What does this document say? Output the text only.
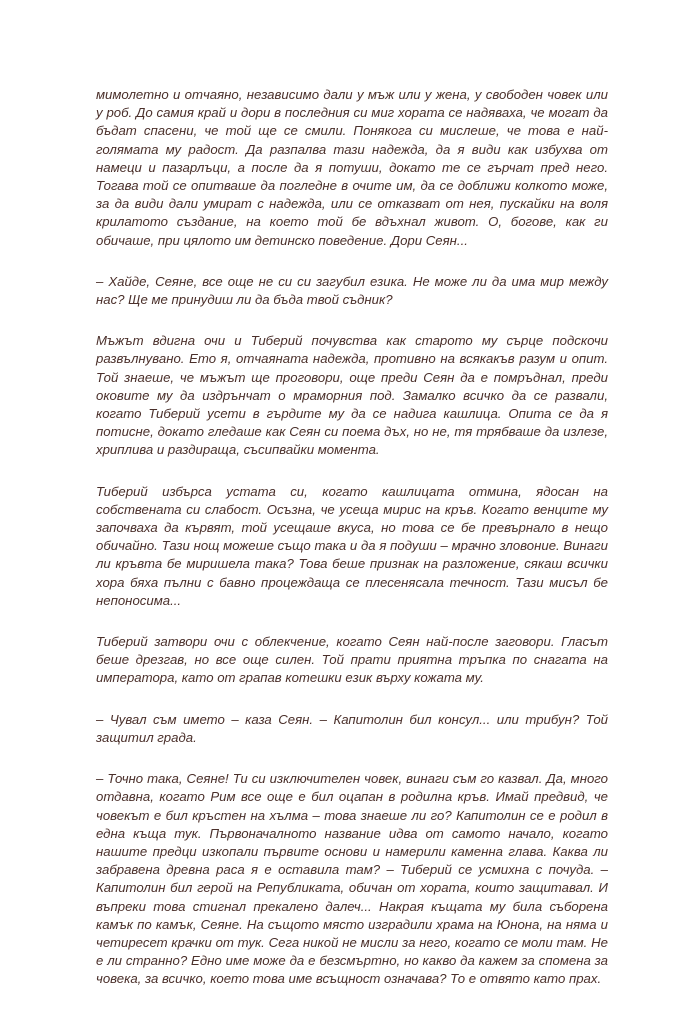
мимолетно и отчаяно, независимо дали у мъж или у жена, у свободен човек или у роб. До самия край и дори в последния си миг хората се надяваха, че могат да бъдат спасени, че той ще се смили. Понякога си мислеше, че това е най-голямата му радост. Да разпалва тази надежда, да я види как избухва от намеци и пазарлъци, а после да я потуши, докато те се гърчат пред него. Тогава той се опитваше да погледне в очите им, да се доближи колкото може, за да види дали умират с надежда, или се отказват от нея, пускайки на воля крилатото създание, на което той бе вдъхнал живот. О, богове, как ги обичаше, при цялото им детинско поведение. Дори Сеян...

– Хайде, Сеяне, все още не си си загубил езика. Не може ли да има мир между нас? Ще ме принудиш ли да бъда твой съдник?

Мъжът вдигна очи и Тиберий почувства как старото му сърце подскочи развълнувано. Ето я, отчаяната надежда, противно на всякакъв разум и опит. Той знаеше, че мъжът ще проговори, още преди Сеян да е помръднал, преди оковите му да издрънчат о мраморния под. Замалко всичко да се развали, когато Тиберий усети в гърдите му да се надига кашлица. Опита се да я потисне, докато гледаше как Сеян си поема дъх, но не, тя трябваше да излезе, хриплива и раздираща, съсипвайки момента.

Тиберий избърса устата си, когато кашлицата отмина, ядосан на собствената си слабост. Осъзна, че усеща мирис на кръв. Когато венците му започваха да кървят, той усещаше вкуса, но това се бе превърнало в нещо обичайно. Тази нощ можеше също така и да я подуши – мрачно зловоние. Винаги ли кръвта бе миришела така? Това беше признак на разложение, сякаш всички хора бяха пълни с бавно процеждаща се плесенясала течност. Тази мисъл бе непоносима...

Тиберий затвори очи с облекчение, когато Сеян най-после заговори. Гласът беше дрезгав, но все още силен. Той прати приятна тръпка по снагата на императора, като от грапав котешки език върху кожата му.

– Чувал съм името – каза Сеян. – Капитолин бил консул... или трибун? Той защитил града.

– Точно така, Сеяне! Ти си изключителен човек, винаги съм го казвал. Да, много отдавна, когато Рим все още е бил оцапан в родилна кръв. Имай предвид, че човекът е бил кръстен на хълма – това знаеше ли го? Капитолин се е родил в една къща тук. Първоначалното название идва от самото начало, когато нашите предци изкопали първите основи и намерили каменна глава. Каква ли забравена древна раса я е оставила там? – Тиберий се усмихна с почуда. – Капитолин бил герой на Републиката, обичан от хората, които защитавал. И въпреки това стигнал прекалено далеч... Накрая къщата му била съборена камък по камък, Сеяне. На същото място изградили храма на Юнона, на няма и четиресет крачки от тук. Сега никой не мисли за него, когато се моли там. Не е ли странно? Едно име може да е безсмъртно, но какво да кажем за спомена за човека, за всичко, което това име всъщност означава? То е отвято като прах.
